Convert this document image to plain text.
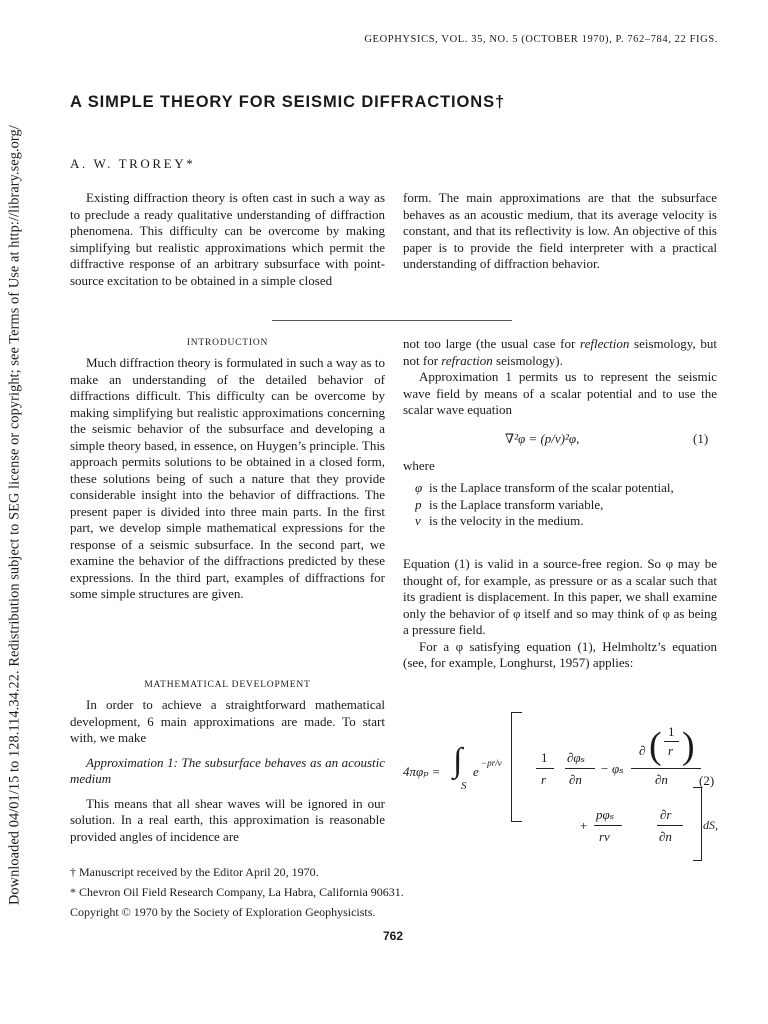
Downloaded 04/01/15 to 128.114.34.22. Redistribution subject to SEG license or copyright; see Terms of Use at http://library.seg.org/
GEOPHYSICS, VOL. 35, NO. 5 (OCTOBER 1970), P. 762–784, 22 FIGS.
A SIMPLE THEORY FOR SEISMIC DIFFRACTIONS†
A. W. TROREY*

Existing diffraction theory is often cast in such a way as to preclude a ready qualitative understanding of diffraction phenomena. This difficulty can be overcome by making simplifying but realistic approximations which permit the diffractive response of an arbitrary subsurface with point-source excitation to be obtained in a simple closed

form. The main approximations are that the subsurface behaves as an acoustic medium, that its average velocity is constant, and that its reflectivity is low. An objective of this paper is to provide the field interpreter with a practical understanding of diffraction behavior.

INTRODUCTION

Much diffraction theory is formulated in such a way as to make an understanding of the detailed behavior of diffractions difficult. This difficulty can be overcome by making simplifying but realistic approximations concerning the seismic behavior of the subsurface and developing a simple theory based, in essence, on Huygen’s principle. This approach permits solutions to be obtained in a closed form, these solutions being of such a nature that they provide considerable insight into the behavior of diffractions. The present paper is divided into three main parts. In the first part, we develop simple mathematical expressions for the response of a seismic subsurface. In the second part, we examine the behavior of the diffractions predicted by these expressions. In the third part, examples of diffractions for some simple structures are given.

MATHEMATICAL DEVELOPMENT

In order to achieve a straightforward mathematical development, 6 main approximations are made. To start with, we make

Approximation 1: The subsurface behaves as an acoustic medium

This means that all shear waves will be ignored in our solution. In a real earth, this approximation is reasonable provided angles of incidence are

not too large (the usual case for reflection seismology, but not for refraction seismology).

Approximation 1 permits us to represent the seismic wave field by means of a scalar potential and to use the scalar wave equation

∇²φ = (p/v)²φ,	(1)

where

φ is the Laplace transform of the scalar potential,
p is the Laplace transform variable,
v is the velocity in the medium.

Equation (1) is valid in a source-free region. So φ may be thought of, for example, as pressure or as a scalar such that its gradient is displacement. In this paper, we shall examine only the behavior of φ itself and so may think of φ as being a pressure field.

For a φ satisfying equation (1), Helmholtz’s equation (see, for example, Longhurst, 1957) applies:

4πφₚ = ∫
S
e
−pr/v	1
r
∂φₛ
∂n
− φₛ
∂ ( 1
r )
∂n (2)
+
pφₛ
rv
∂r
∂n
dS,
† Manuscript received by the Editor April 20, 1970.
* Chevron Oil Field Research Company, La Habra, California 90631.
Copyright © 1970 by the Society of Exploration Geophysicists.
762
